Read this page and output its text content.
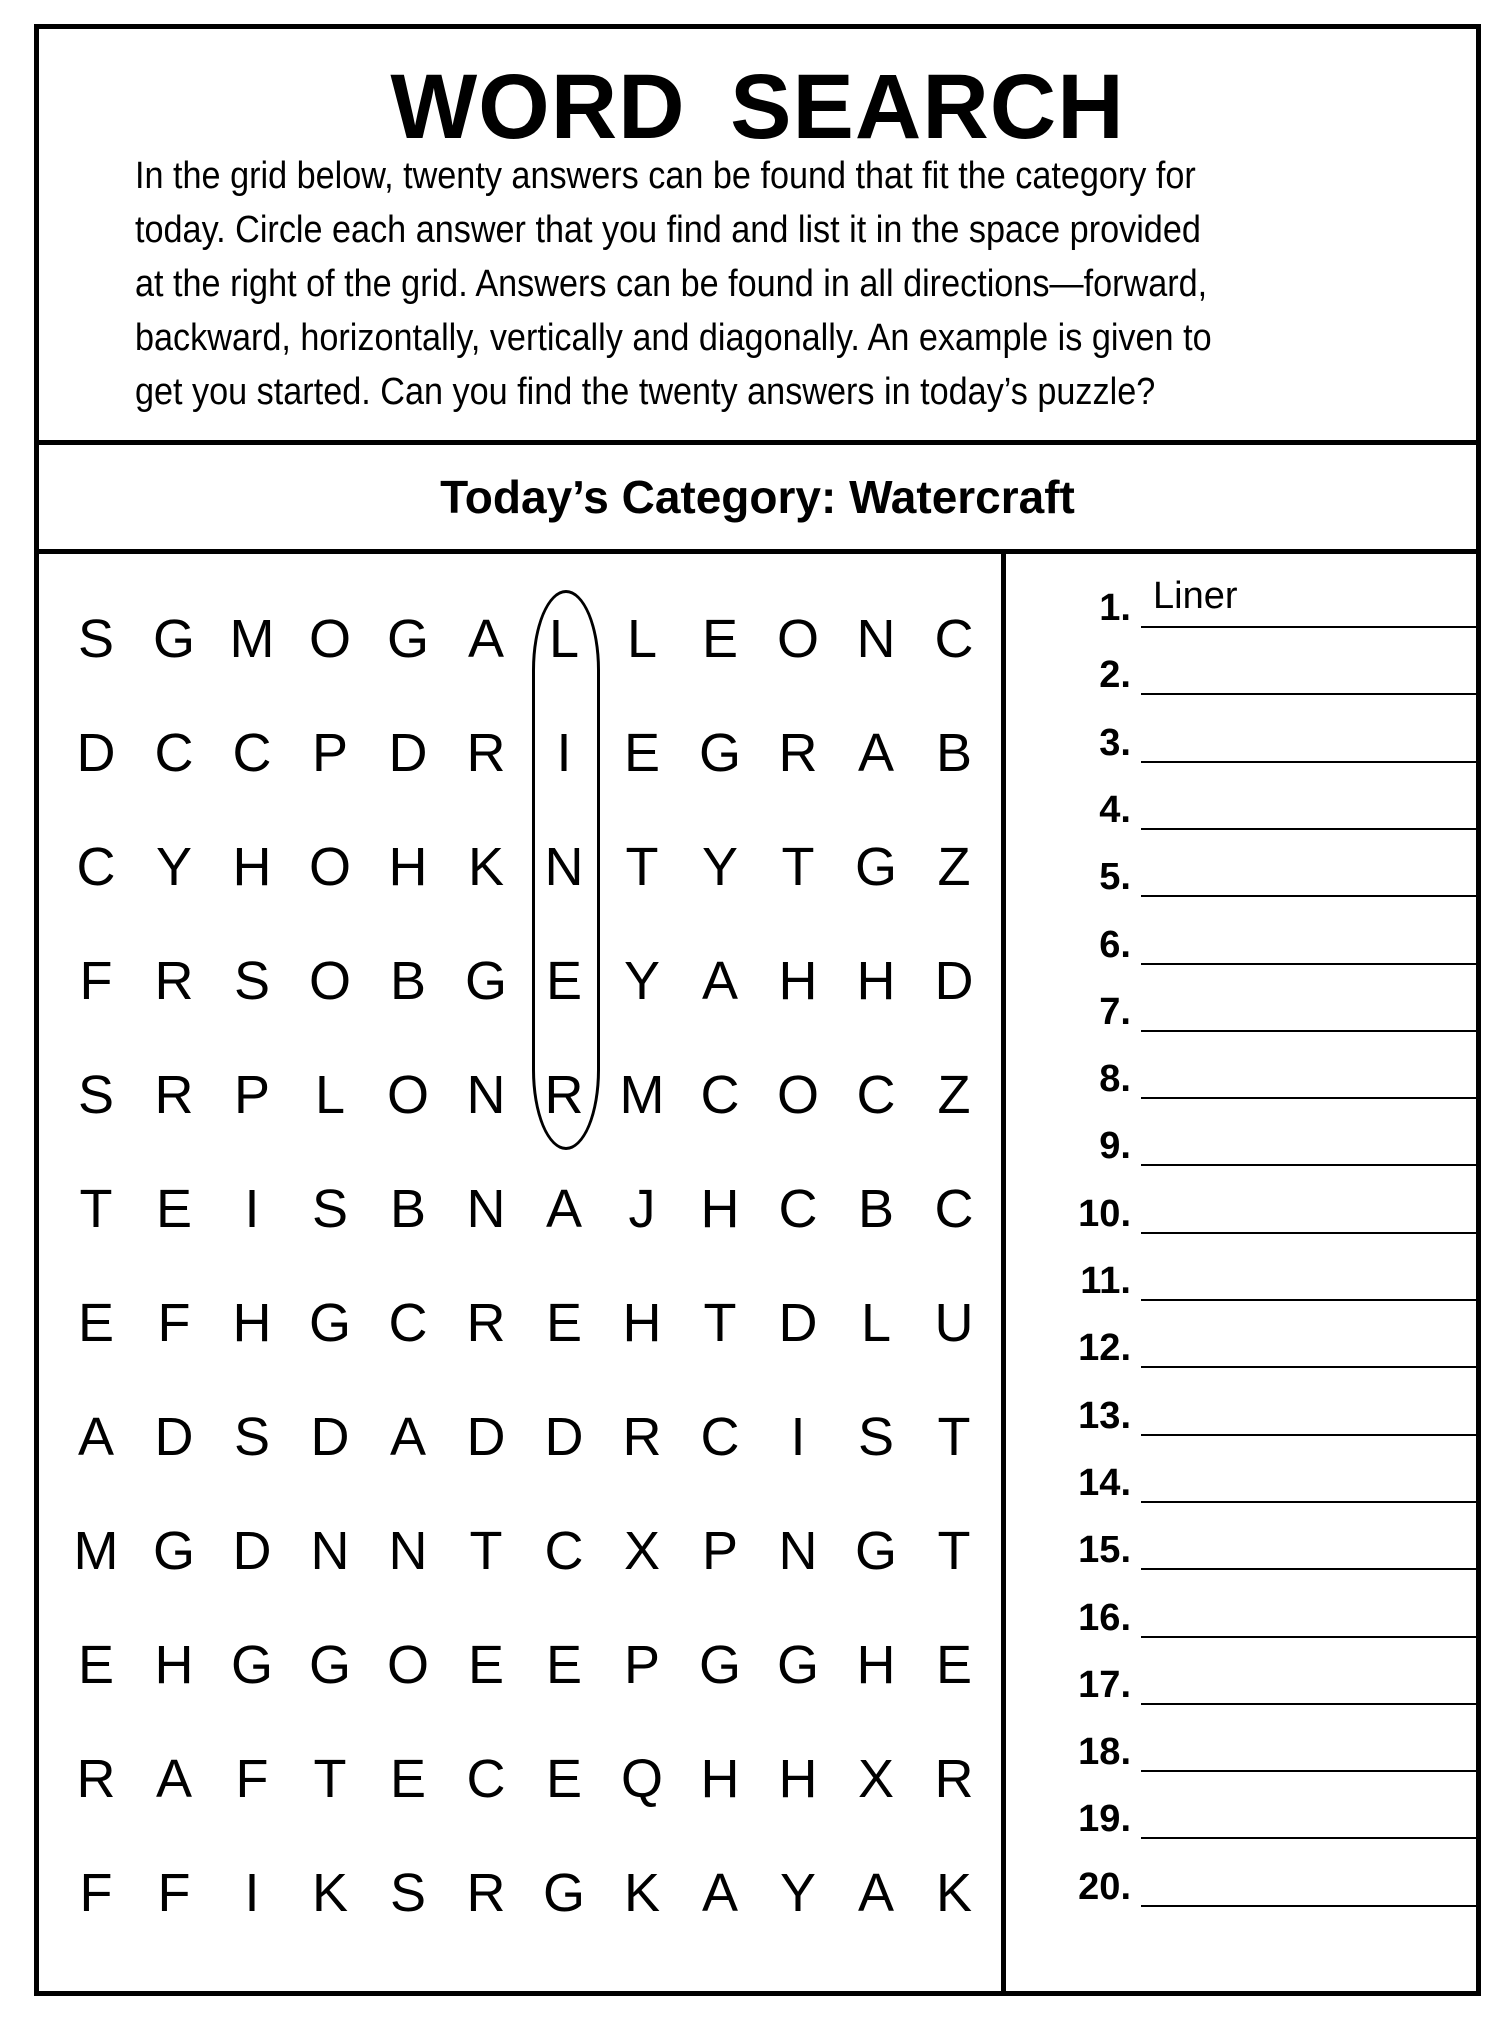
WORD SEARCH
In the grid below, twenty answers can be found that fit the category for
today. Circle each answer that you find and list it in the space provided
at the right of the grid. Answers can be found in all directions—forward,
backward, horizontally, vertically and diagonally. An example is given to
get you started. Can you find the twenty answers in today’s puzzle?
Today’s Category: Watercraft
S G M O G A L L E O N C
D C C P D R I E G R A B
C Y H O H K N T Y T G Z
F R S O B G E Y A H H D
S R P L O N R M C O C Z
T E I S B N A J H C B C
E F H G C R E H T D L U
A D S D A D D R C I S T
M G D N N T C X P N G T
E H G G O E E P G G H E
R A F T E C E Q H H X R
F F I K S R G K A Y A K
1. Liner
2.
3.
4.
5.
6.
7.
8.
9.
10.
11.
12.
13.
14.
15.
16.
17.
18.
19.
20.
